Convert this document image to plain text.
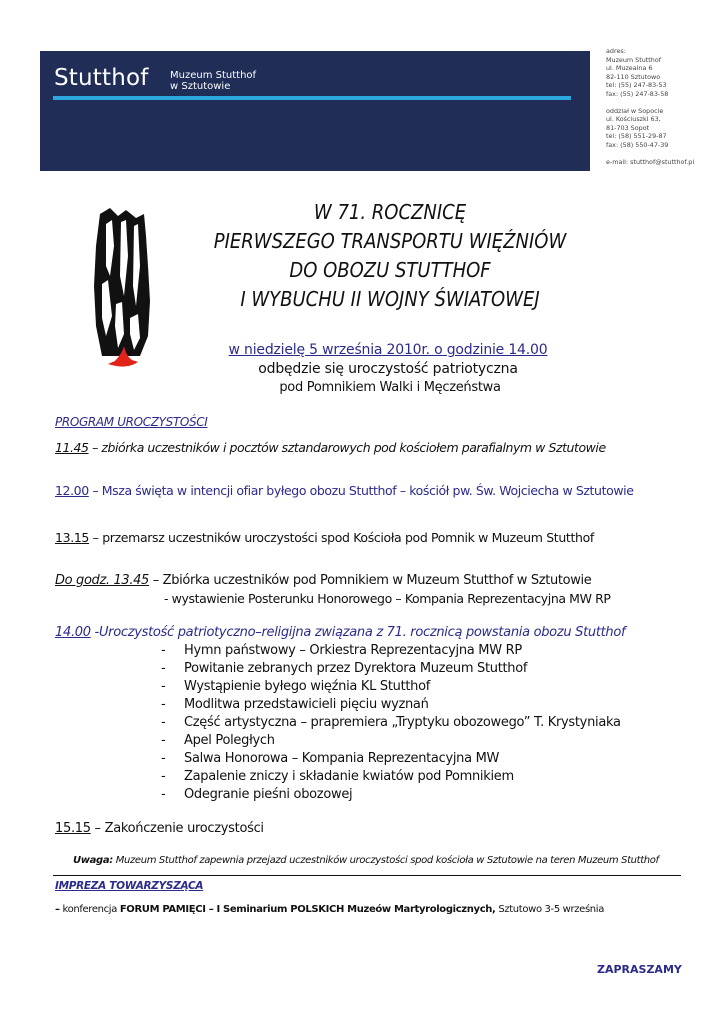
Stutthof Muzeum Stutthof
w Sztutowie
adres:
Muzeum Stutthof
ul. Muzealna 6
82-110 Sztutowo
tel: (55) 247-83-53
fax: (55) 247-83-58
oddział w Sopocie
ul. Kościuszki 63,
81-703 Sopot
tel: (58) 551-29-87
fax: (58) 550-47-39
e-mail: stutthof@stutthof.pl
W 71. ROCZNICĘ
PIERWSZEGO TRANSPORTU WIĘŹNIÓW
DO OBOZU STUTTHOF
I WYBUCHU II WOJNY ŚWIATOWEJ
w niedzielę 5 września 2010r. o godzinie 14.00
odbędzie się uroczystość patriotyczna
pod Pomnikiem Walki i Męczeństwa
PROGRAM UROCZYSTOŚCI
11.45 – zbiórka uczestników i pocztów sztandarowych pod kościołem parafialnym w Sztutowie
12.00 – Msza święta w intencji ofiar byłego obozu Stutthof – kościół pw. Św. Wojciecha w Sztutowie
13.15 – przemarsz uczestników uroczystości spod Kościoła pod Pomnik w Muzeum Stutthof
Do godz. 13.45 – Zbiórka uczestników pod Pomnikiem w Muzeum Stutthof w Sztutowie
- wystawienie Posterunku Honorowego – Kompania Reprezentacyjna MW RP
14.00 -Uroczystość patriotyczno–religijna związana z 71. rocznicą powstania obozu Stutthof
- Hymn państwowy – Orkiestra Reprezentacyjna MW RP
- Powitanie zebranych przez Dyrektora Muzeum Stutthof
- Wystąpienie byłego więźnia KL Stutthof
- Modlitwa przedstawicieli pięciu wyznań
- Część artystyczna – prapremiera „Tryptyku obozowego” T. Krystyniaka
- Apel Poległych
- Salwa Honorowa – Kompania Reprezentacyjna MW
- Zapalenie zniczy i składanie kwiatów pod Pomnikiem
- Odegranie pieśni obozowej
15.15 – Zakończenie uroczystości
Uwaga: Muzeum Stutthof zapewnia przejazd uczestników uroczystości spod kościoła w Sztutowie na teren Muzeum Stutthof
IMPREZA TOWARZYSZĄCA
– konferencja FORUM PAMIĘCI – I Seminarium POLSKICH Muzeów Martyrologicznych, Sztutowo 3-5 września
ZAPRASZAMY
